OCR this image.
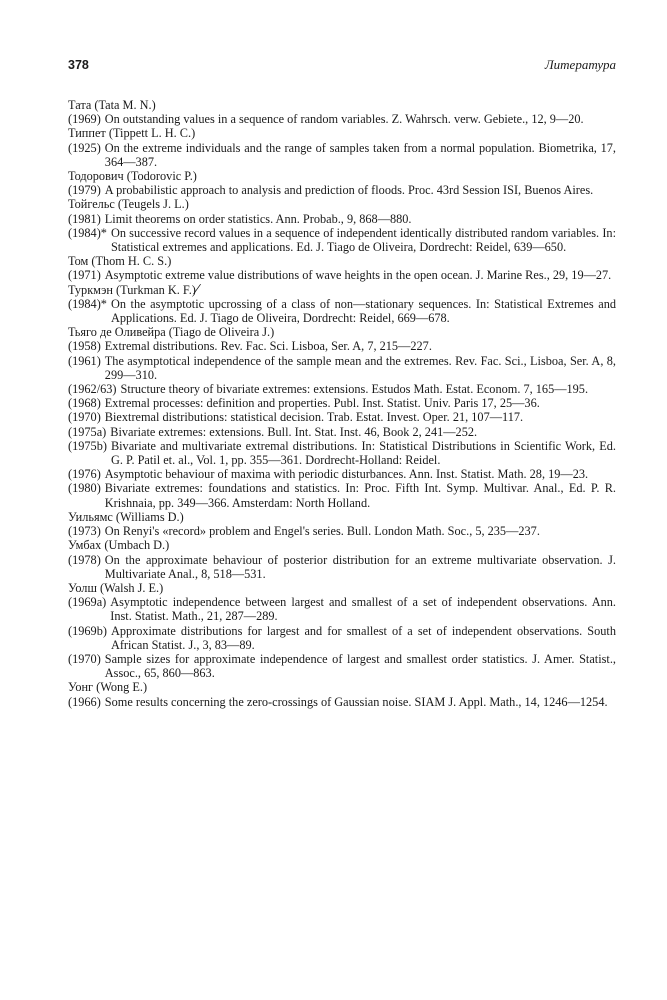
378	Литература
Тата (Tata M. N.)
(1969) On outstanding values in a sequence of random variables. Z. Wahrsch. verw. Gebiete., 12, 9—20.
Типпет (Tippett L. H. C.)
(1925) On the extreme individuals and the range of samples taken from a normal population. Biometrika, 17, 364—387.
Тодорович (Todorovic P.)
(1979) A probabilistic approach to analysis and prediction of floods. Proc. 43rd Session ISI, Buenos Aires.
Тойгельс (Teugels J. L.)
(1981) Limit theorems on order statistics. Ann. Probab., 9, 868—880.
(1984)* On successive record values in a sequence of independent identically distributed random variables. In: Statistical extremes and applications. Ed. J. Tiago de Oliveira, Dordrecht: Reidel, 639—650.
Том (Thom H. C. S.)
(1971) Asymptotic extreme value distributions of wave heights in the open ocean. J. Marine Res., 29, 19—27.
Туркмэн (Turkman K. F.)∕
(1984)* On the asymptotic upcrossing of a class of non—stationary sequences. In: Statistical Extremes and Applications. Ed. J. Tiago de Oliveira, Dordrecht: Reidel, 669—678.
Тьяго де Оливейра (Tiago de Oliveira J.)
(1958) Extremal distributions. Rev. Fac. Sci. Lisboa, Ser. A, 7, 215—227.
(1961) The asymptotical independence of the sample mean and the extremes. Rev. Fac. Sci., Lisboa, Ser. A, 8, 299—310.
(1962/63) Structure theory of bivariate extremes: extensions. Estudos Math. Estat. Econom. 7, 165—195.
(1968) Extremal processes: definition and properties. Publ. Inst. Statist. Univ. Paris 17, 25—36.
(1970) Biextremal distributions: statistical decision. Trab. Estat. Invest. Oper. 21, 107—117.
(1975a) Bivariate extremes: extensions. Bull. Int. Stat. Inst. 46, Book 2, 241—252.
(1975b) Bivariate and multivariate extremal distributions. In: Statistical Distributions in Scientific Work, Ed. G. P. Patil et. al., Vol. 1, pp. 355—361. Dordrecht-Holland: Reidel.
(1976) Asymptotic behaviour of maxima with periodic disturbances. Ann. Inst. Statist. Math. 28, 19—23.
(1980) Bivariate extremes: foundations and statistics. In: Proc. Fifth Int. Symp. Multivar. Anal., Ed. P. R. Krishnaia, pp. 349—366. Amsterdam: North Holland.
Уильямс (Williams D.)
(1973) On Renyi's «record» problem and Engel's series. Bull. London Math. Soc., 5, 235—237.
Умбах (Umbach D.)
(1978) On the approximate behaviour of posterior distribution for an extreme multivariate observation. J. Multivariate Anal., 8, 518—531.
Уолш (Walsh J. E.)
(1969a) Asymptotic independence between largest and smallest of a set of independent observations. Ann. Inst. Statist. Math., 21, 287—289.
(1969b) Approximate distributions for largest and for smallest of a set of independent observations. South African Statist. J., 3, 83—89.
(1970) Sample sizes for approximate independence of largest and smallest order statistics. J. Amer. Statist., Assoc., 65, 860—863.
Уонг (Wong E.)
(1966) Some results concerning the zero-crossings of Gaussian noise. SIAM J. Appl. Math., 14, 1246—1254.
